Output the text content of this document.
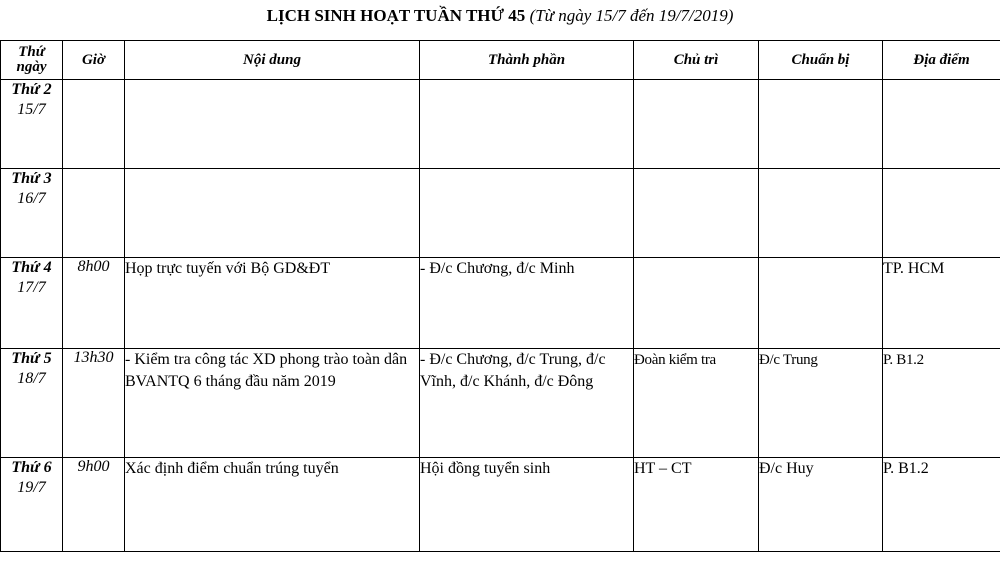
LỊCH SINH HOẠT TUẦN THỨ 45 (Từ ngày 15/7 đến 19/7/2019)
Thứ
ngày	Giờ	Nội dung	Thành phần	Chủ trì	Chuẩn bị	Địa điểm

Thứ 2
15/7						

Thứ 3
16/7						

Thứ 4
17/7	8h00	Họp trực tuyến với Bộ GD&ĐT	- Đ/c Chương, đ/c Minh			TP. HCM

Thứ 5
18/7	13h30	- Kiểm tra công tác XD phong trào toàn dân BVANTQ 6 tháng đầu năm 2019	- Đ/c Chương, đ/c Trung, đ/c Vĩnh, đ/c Khánh, đ/c Đông	Đoàn kiểm tra	Đ/c Trung	P. B1.2

Thứ 6
19/7	9h00	Xác định điểm chuẩn trúng tuyển	Hội đồng tuyển sinh	HT – CT	Đ/c Huy	P. B1.2
